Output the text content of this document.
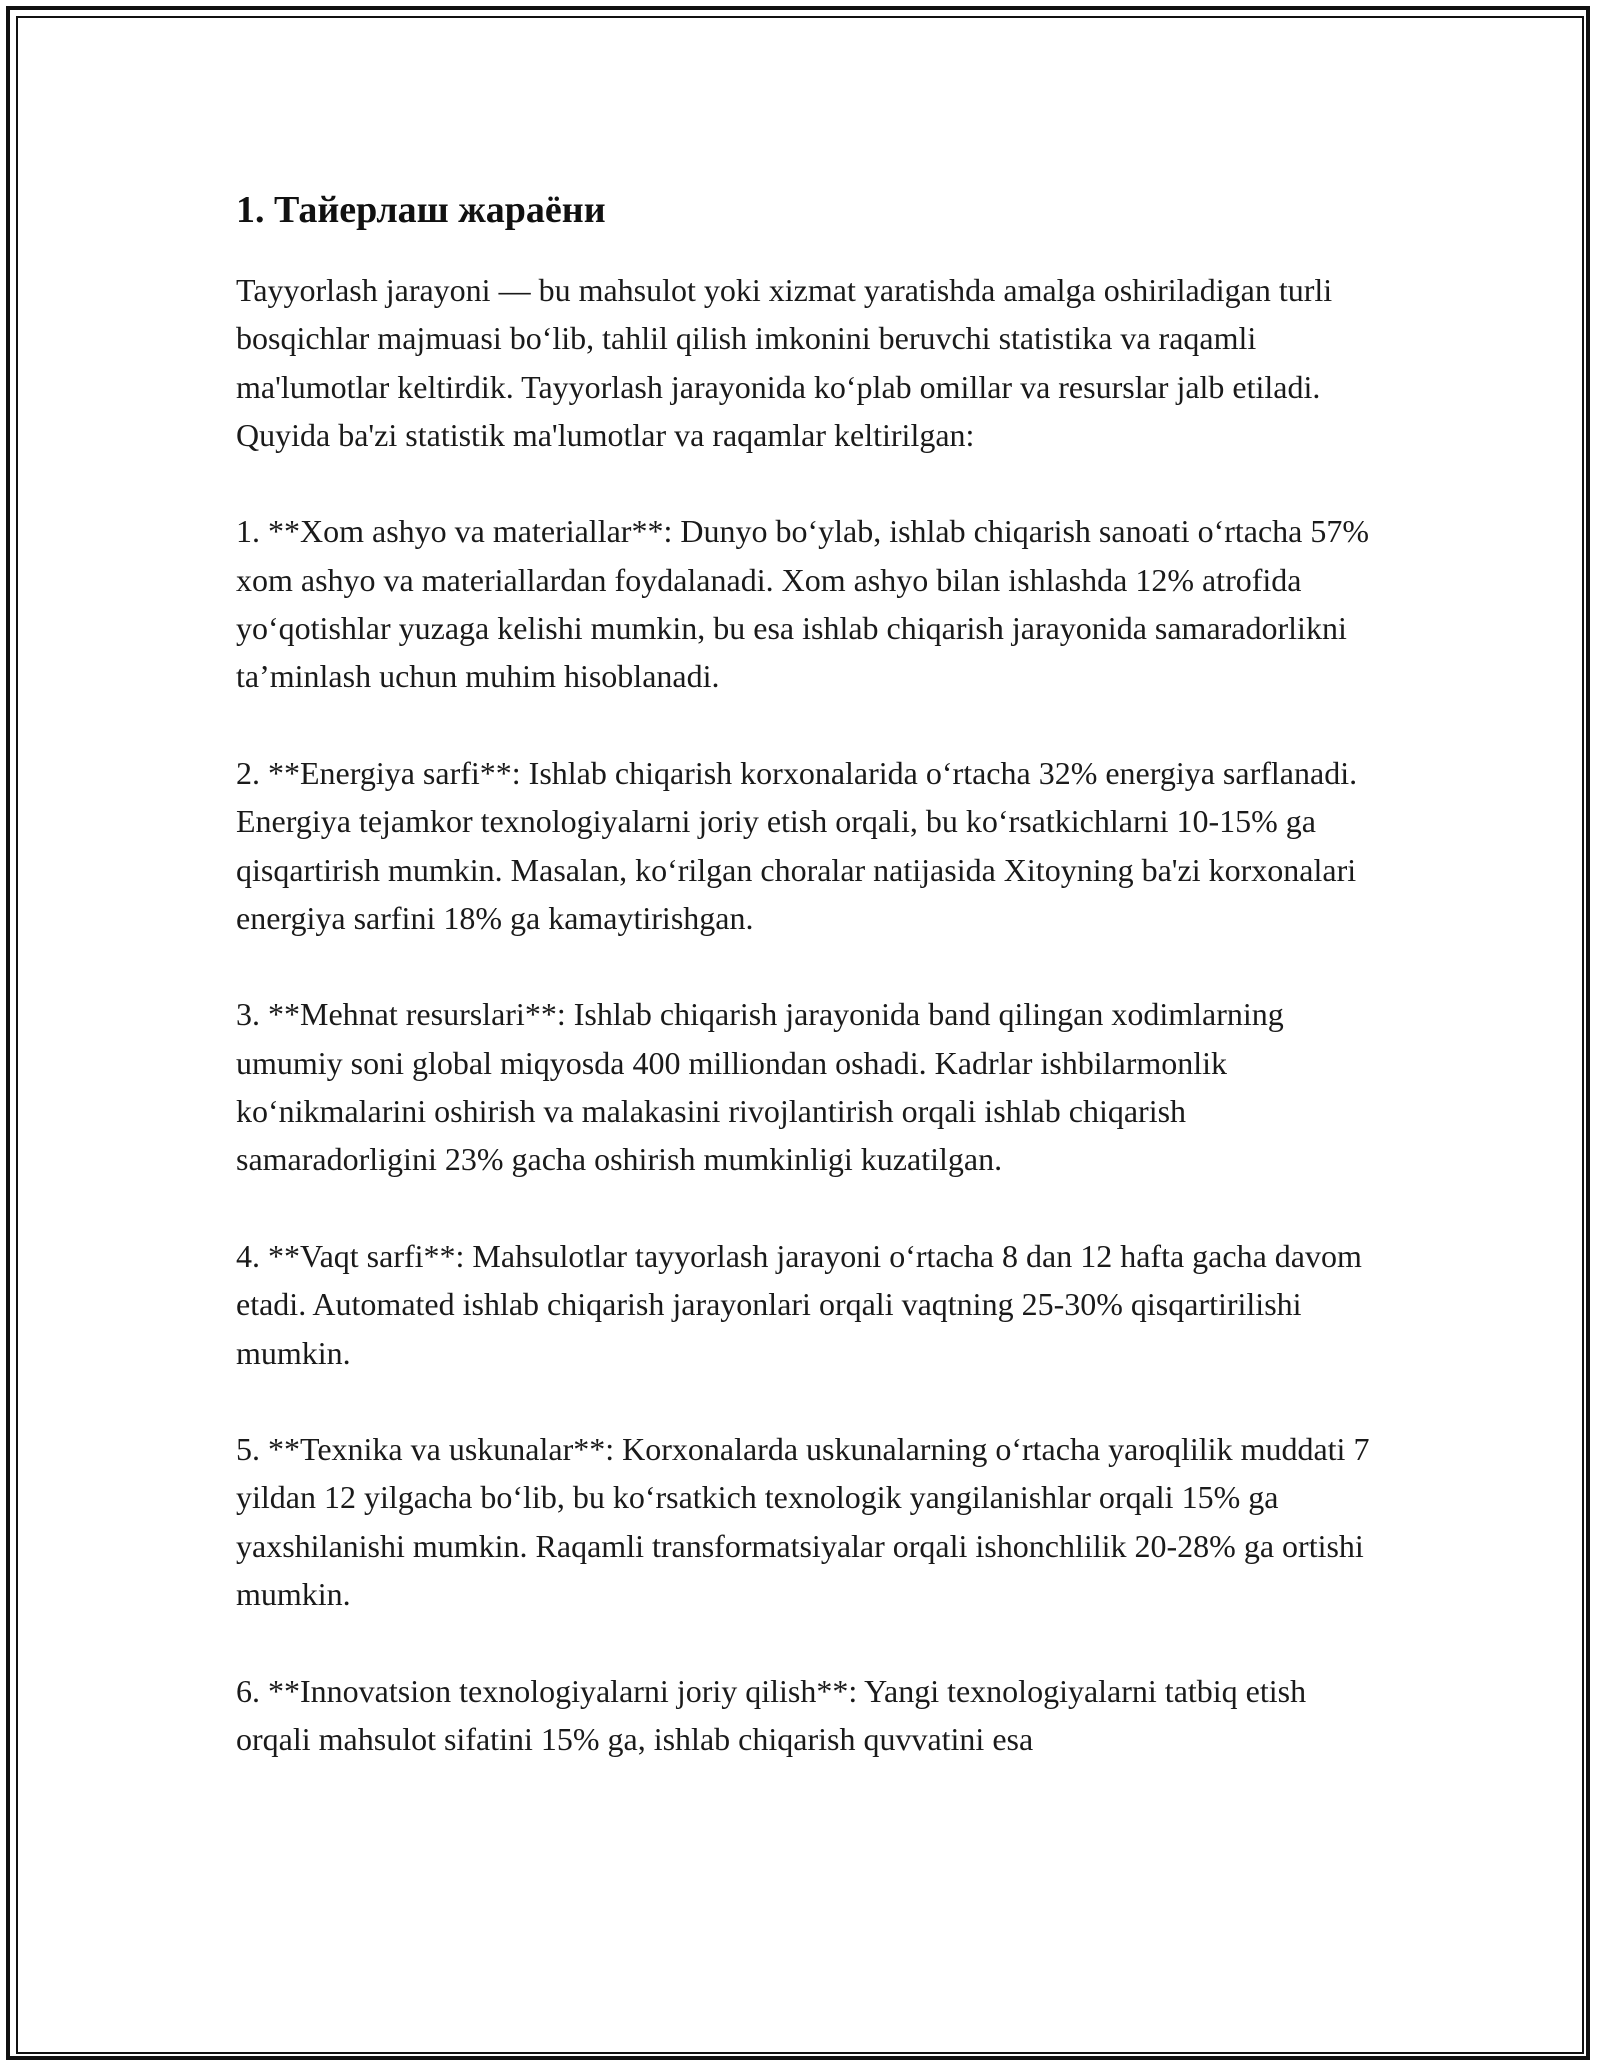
1. Тайерлаш жараёни

Tayyorlash jarayoni — bu mahsulot yoki xizmat yaratishda amalga oshiriladigan turli bosqichlar majmuasi bo‘lib, tahlil qilish imkonini beruvchi statistika va raqamli ma'lumotlar keltirdik. Tayyorlash jarayonida ko‘plab omillar va resurslar jalb etiladi. Quyida ba'zi statistik ma'lumotlar va raqamlar keltirilgan:

1. **Xom ashyo va materiallar**: Dunyo bo‘ylab, ishlab chiqarish sanoati o‘rtacha 57% xom ashyo va materiallardan foydalanadi. Xom ashyo bilan ishlashda 12% atrofida yo‘qotishlar yuzaga kelishi mumkin, bu esa ishlab chiqarish jarayonida samaradorlikni ta’minlash uchun muhim hisoblanadi.

2. **Energiya sarfi**: Ishlab chiqarish korxonalarida o‘rtacha 32% energiya sarflanadi. Energiya tejamkor texnologiyalarni joriy etish orqali, bu ko‘rsatkichlarni 10-15% ga qisqartirish mumkin. Masalan, ko‘rilgan choralar natijasida Xitoyning ba'zi korxonalari energiya sarfini 18% ga kamaytirishgan.

3. **Mehnat resurslari**: Ishlab chiqarish jarayonida band qilingan xodimlarning umumiy soni global miqyosda 400 milliondan oshadi. Kadrlar ishbilarmonlik ko‘nikmalarini oshirish va malakasini rivojlantirish orqali ishlab chiqarish samaradorligini 23% gacha oshirish mumkinligi kuzatilgan.

4. **Vaqt sarfi**: Mahsulotlar tayyorlash jarayoni o‘rtacha 8 dan 12 hafta gacha davom etadi. Automated ishlab chiqarish jarayonlari orqali vaqtning 25-30% qisqartirilishi mumkin.

5. **Texnika va uskunalar**: Korxonalarda uskunalarning o‘rtacha yaroqlilik muddati 7 yildan 12 yilgacha bo‘lib, bu ko‘rsatkich texnologik yangilanishlar orqali 15% ga yaxshilanishi mumkin. Raqamli transformatsiyalar orqali ishonchlilik 20-28% ga ortishi mumkin.

6. **Innovatsion texnologiyalarni joriy qilish**: Yangi texnologiyalarni tatbiq etish orqali mahsulot sifatini 15% ga, ishlab chiqarish quvvatini esa
